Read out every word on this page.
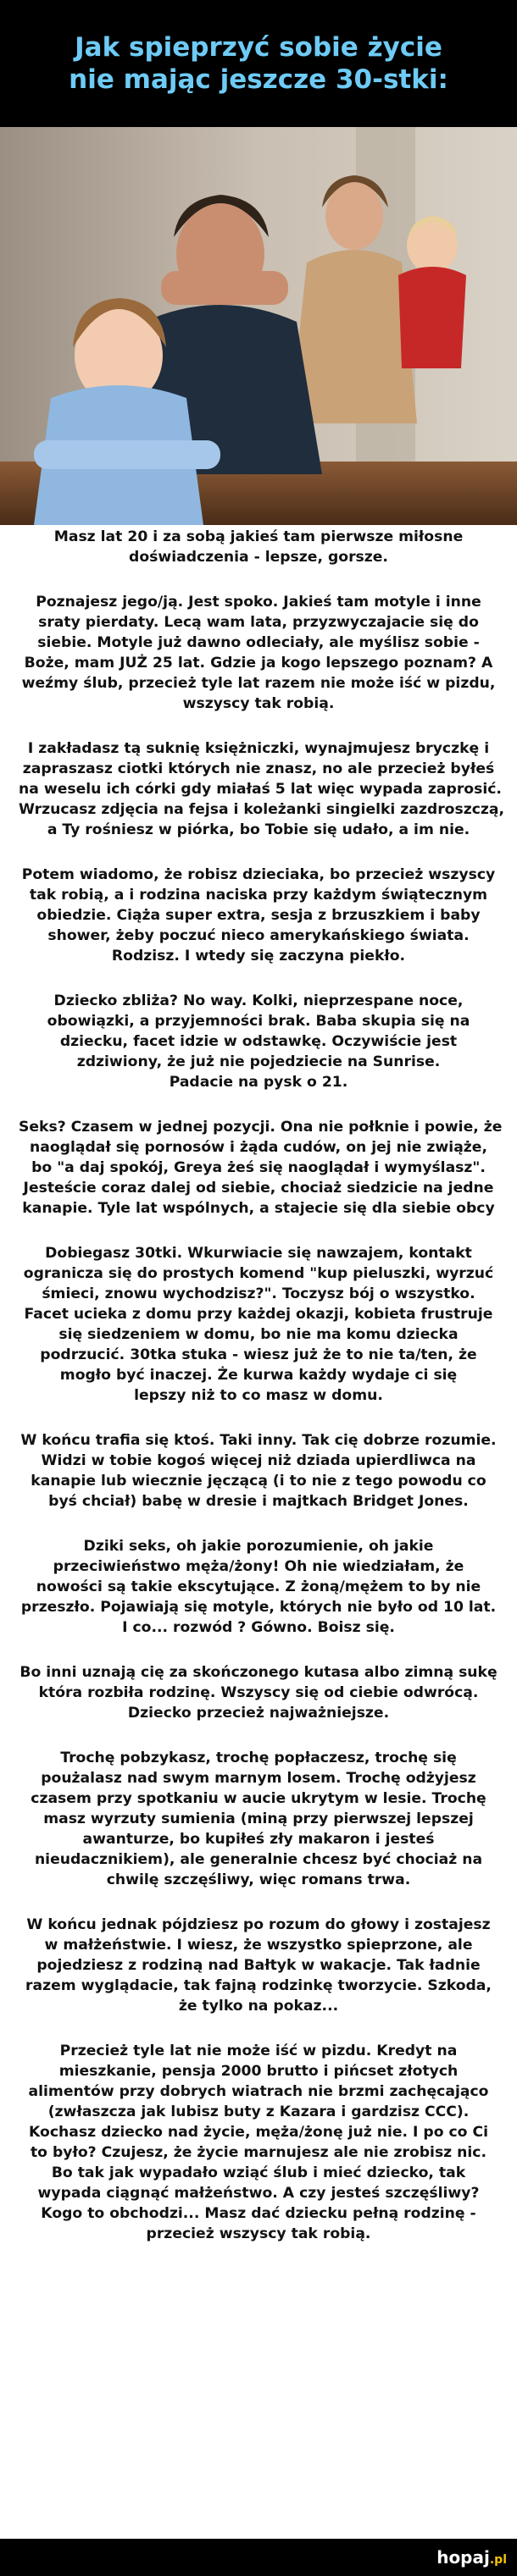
Jak spieprzyć sobie życie
nie mając jeszcze 30-stki:

Masz lat 20 i za sobą jakieś tam pierwsze miłosne
doświadczenia - lepsze, gorsze.

Poznajesz jego/ją. Jest spoko. Jakieś tam motyle i inne
sraty pierdaty. Lecą wam lata, przyzwyczajacie się do
siebie. Motyle już dawno odleciały, ale myślisz sobie -
Boże, mam JUŻ 25 lat. Gdzie ja kogo lepszego poznam? A
weźmy ślub, przecież tyle lat razem nie może iść w pizdu,
wszyscy tak robią.

I zakładasz tą suknię księżniczki, wynajmujesz bryczkę i
zapraszasz ciotki których nie znasz, no ale przecież byłeś
na weselu ich córki gdy miałaś 5 lat więc wypada zaprosić.
Wrzucasz zdjęcia na fejsa i koleżanki singielki zazdroszczą,
a Ty rośniesz w piórka, bo Tobie się udało, a im nie.

Potem wiadomo, że robisz dzieciaka, bo przecież wszyscy
tak robią, a i rodzina naciska przy każdym świątecznym
obiedzie. Ciąża super extra, sesja z brzuszkiem i baby
shower, żeby poczuć nieco amerykańskiego świata.
Rodzisz. I wtedy się zaczyna piekło.

Dziecko zbliża? No way. Kolki, nieprzespane noce,
obowiązki, a przyjemności brak. Baba skupia się na
dziecku, facet idzie w odstawkę. Oczywiście jest
zdziwiony, że już nie pojedziecie na Sunrise.
Padacie na pysk o 21.

Seks? Czasem w jednej pozycji. Ona nie połknie i powie, że
naoglądał się pornosów i żąda cudów, on jej nie zwiąże,
bo "a daj spokój, Greya żeś się naoglądał i wymyślasz".
Jesteście coraz dalej od siebie, chociaż siedzicie na jedne
kanapie. Tyle lat wspólnych, a stajecie się dla siebie obcy

Dobiegasz 30tki. Wkurwiacie się nawzajem, kontakt
ogranicza się do prostych komend "kup pieluszki, wyrzuć
śmieci, znowu wychodzisz?". Toczysz bój o wszystko.
Facet ucieka z domu przy każdej okazji, kobieta frustruje
się siedzeniem w domu, bo nie ma komu dziecka
podrzucić. 30tka stuka - wiesz już że to nie ta/ten, że
mogło być inaczej. Że kurwa każdy wydaje ci się
lepszy niż to co masz w domu.

W końcu trafia się ktoś. Taki inny. Tak cię dobrze rozumie.
Widzi w tobie kogoś więcej niż dziada upierdliwca na
kanapie lub wiecznie jęczącą (i to nie z tego powodu co
byś chciał) babę w dresie i majtkach Bridget Jones.

Dziki seks, oh jakie porozumienie, oh jakie
przeciwieństwo męża/żony! Oh nie wiedziałam, że
nowości są takie ekscytujące. Z żoną/mężem to by nie
przeszło. Pojawiają się motyle, których nie było od 10 lat.
I co... rozwód ? Gówno. Boisz się.

Bo inni uznają cię za skończonego kutasa albo zimną sukę
która rozbiła rodzinę. Wszyscy się od ciebie odwrócą.
Dziecko przecież najważniejsze.

Trochę pobzykasz, trochę popłaczesz, trochę się
poużalasz nad swym marnym losem. Trochę odżyjesz
czasem przy spotkaniu w aucie ukrytym w lesie. Trochę
masz wyrzuty sumienia (miną przy pierwszej lepszej
awanturze, bo kupiłeś zły makaron i jesteś
nieudacznikiem), ale generalnie chcesz być chociaż na
chwilę szczęśliwy, więc romans trwa.

W końcu jednak pójdziesz po rozum do głowy i zostajesz
w małżeństwie. I wiesz, że wszystko spieprzone, ale
pojedziesz z rodziną nad Bałtyk w wakacje. Tak ładnie
razem wyglądacie, tak fajną rodzinkę tworzycie. Szkoda,
że tylko na pokaz...

Przecież tyle lat nie może iść w pizdu. Kredyt na
mieszkanie, pensja 2000 brutto i pińcset złotych
alimentów przy dobrych wiatrach nie brzmi zachęcająco
(zwłaszcza jak lubisz buty z Kazara i gardzisz CCC).
Kochasz dziecko nad życie, męża/żonę już nie. I po co Ci
to było? Czujesz, że życie marnujesz ale nie zrobisz nic.
Bo tak jak wypadało wziąć ślub i mieć dziecko, tak
wypada ciągnąć małżeństwo. A czy jesteś szczęśliwy?
Kogo to obchodzi... Masz dać dziecku pełną rodzinę -
przecież wszyscy tak robią.

hopaj.pl
